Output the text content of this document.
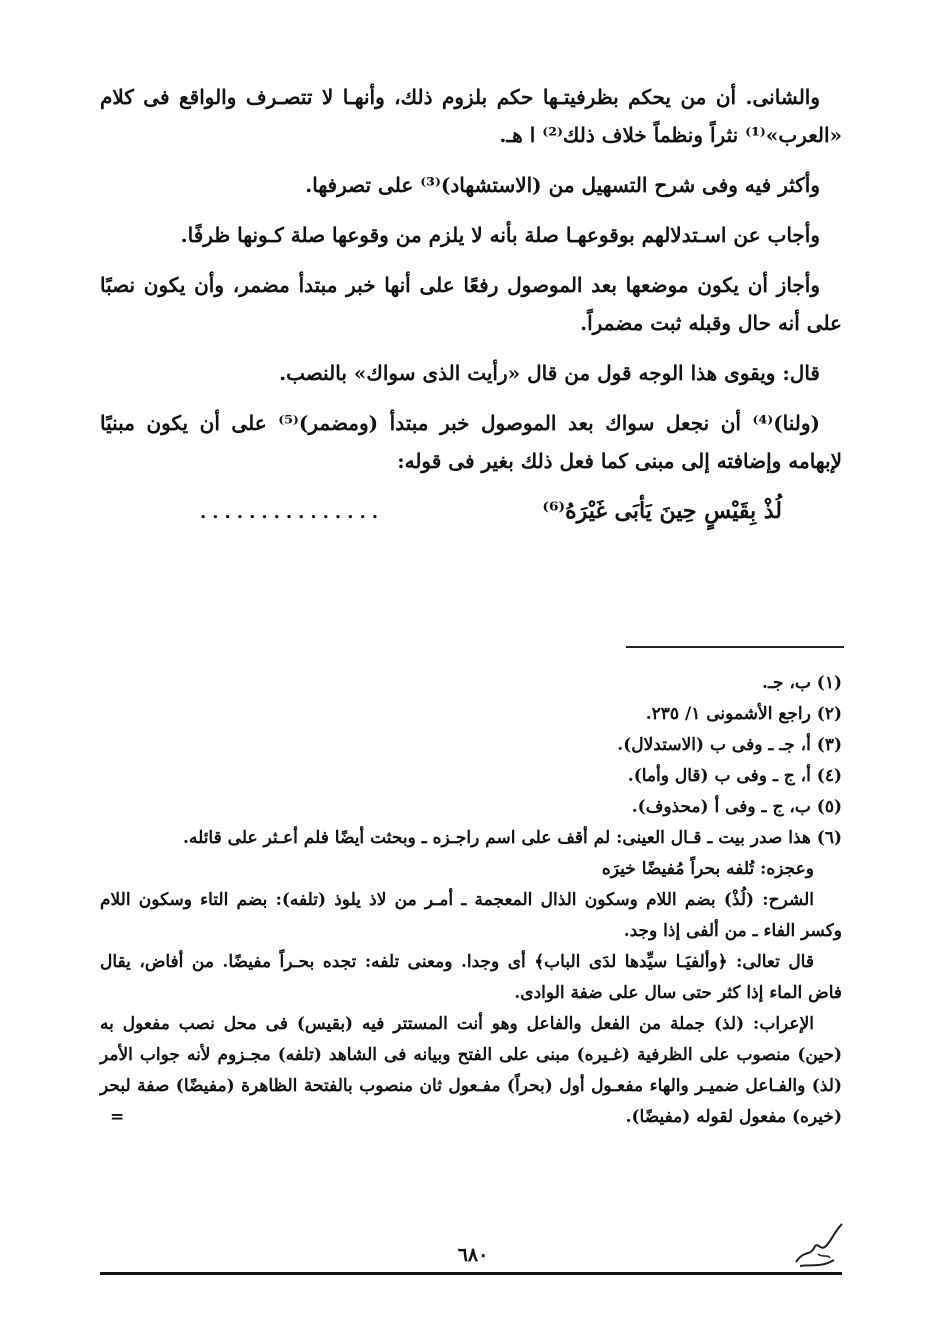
والشانى. أن من يحكم بظرفيتـها حكم بلزوم ذلك، وأنهـا لا تتصـرف والواقع فى كلام «العرب»⁽¹⁾ نثراً ونظماً خلاف ذلك⁽²⁾ ا هـ.

وأكثر فيه وفى شرح التسهيل من (الاستشهاد)⁽³⁾ على تصرفها.

وأجاب عن اسـتدلالهم بوقوعهـا صلة بأنه لا يلزم من وقوعها صلة كـونها ظرفًا.

وأجاز أن يكون موضعها بعد الموصول رفعًا على أنها خبر مبتدأ مضمر، وأن يكون نصبًا على أنه حال وقبله ثبت مضمراً.

قال: ويقوى هذا الوجه قول من قال «رأيت الذى سواك» بالنصب.

(ولنا)⁽⁴⁾ أن نجعل سواك بعد الموصول خبر مبتدأ (ومضمر)⁽⁵⁾ على أن يكون مبنيًا لإبهامه وإضافته إلى مبنى كما فعل ذلك بغير فى قوله:

لُذْ بِقَيْسٍ حِينَ يَأبَى غَيْرَهُ⁽⁶⁾
...............

(١) ب، جـ.

(٢) راجع الأشمونى ١/ ٢٣٥.

(٣) أ، جـ ـ وفى ب (الاستدلال).

(٤) أ، ج ـ وفى ب (قال وأما).

(٥) ب، ج ـ وفى أ (محذوف).

(٦) هذا صدر بيت ـ قـال العينى: لم أقف على اسم راجـزه ـ وبحثت أيضًا فلم أعـثر على قائله.

وعجزه: تُلفه بحراً مُفيضًا خيرَه

الشرح: (لُذْ) بضم اللام وسكون الذال المعجمة ـ أمـر من لاذ يلوذ (تلفه): بضم التاء وسكون اللام وكسر الفاء ـ من ألفى إذا وجد.

قال تعالى: ﴿وألفيَـا سيِّدها لدَى الباب﴾ أى وجدا. ومعنى تلفه: تجده بحـراً مفيضًا. من أفاض، يقال فاض الماء إذا كثر حتى سال على ضفة الوادى.

الإعراب: (لذ) جملة من الفعل والفاعل وهو أنت المستتر فيه (بقيس) فى محل نصب مفعول به (حين) منصوب على الظرفية (غـيره) مبنى على الفتح وبيانه فى الشاهد (تلفه) مجـزوم لأنه جواب الأمر (لذ) والفـاعل ضميـر والهاء مفعـول أول (بحراً) مفـعول ثان منصوب بالفتحة الظاهرة (مفيضًا) صفة لبحر (خيره) مفعول لقوله (مفيضًا).
=

٦٨٠
